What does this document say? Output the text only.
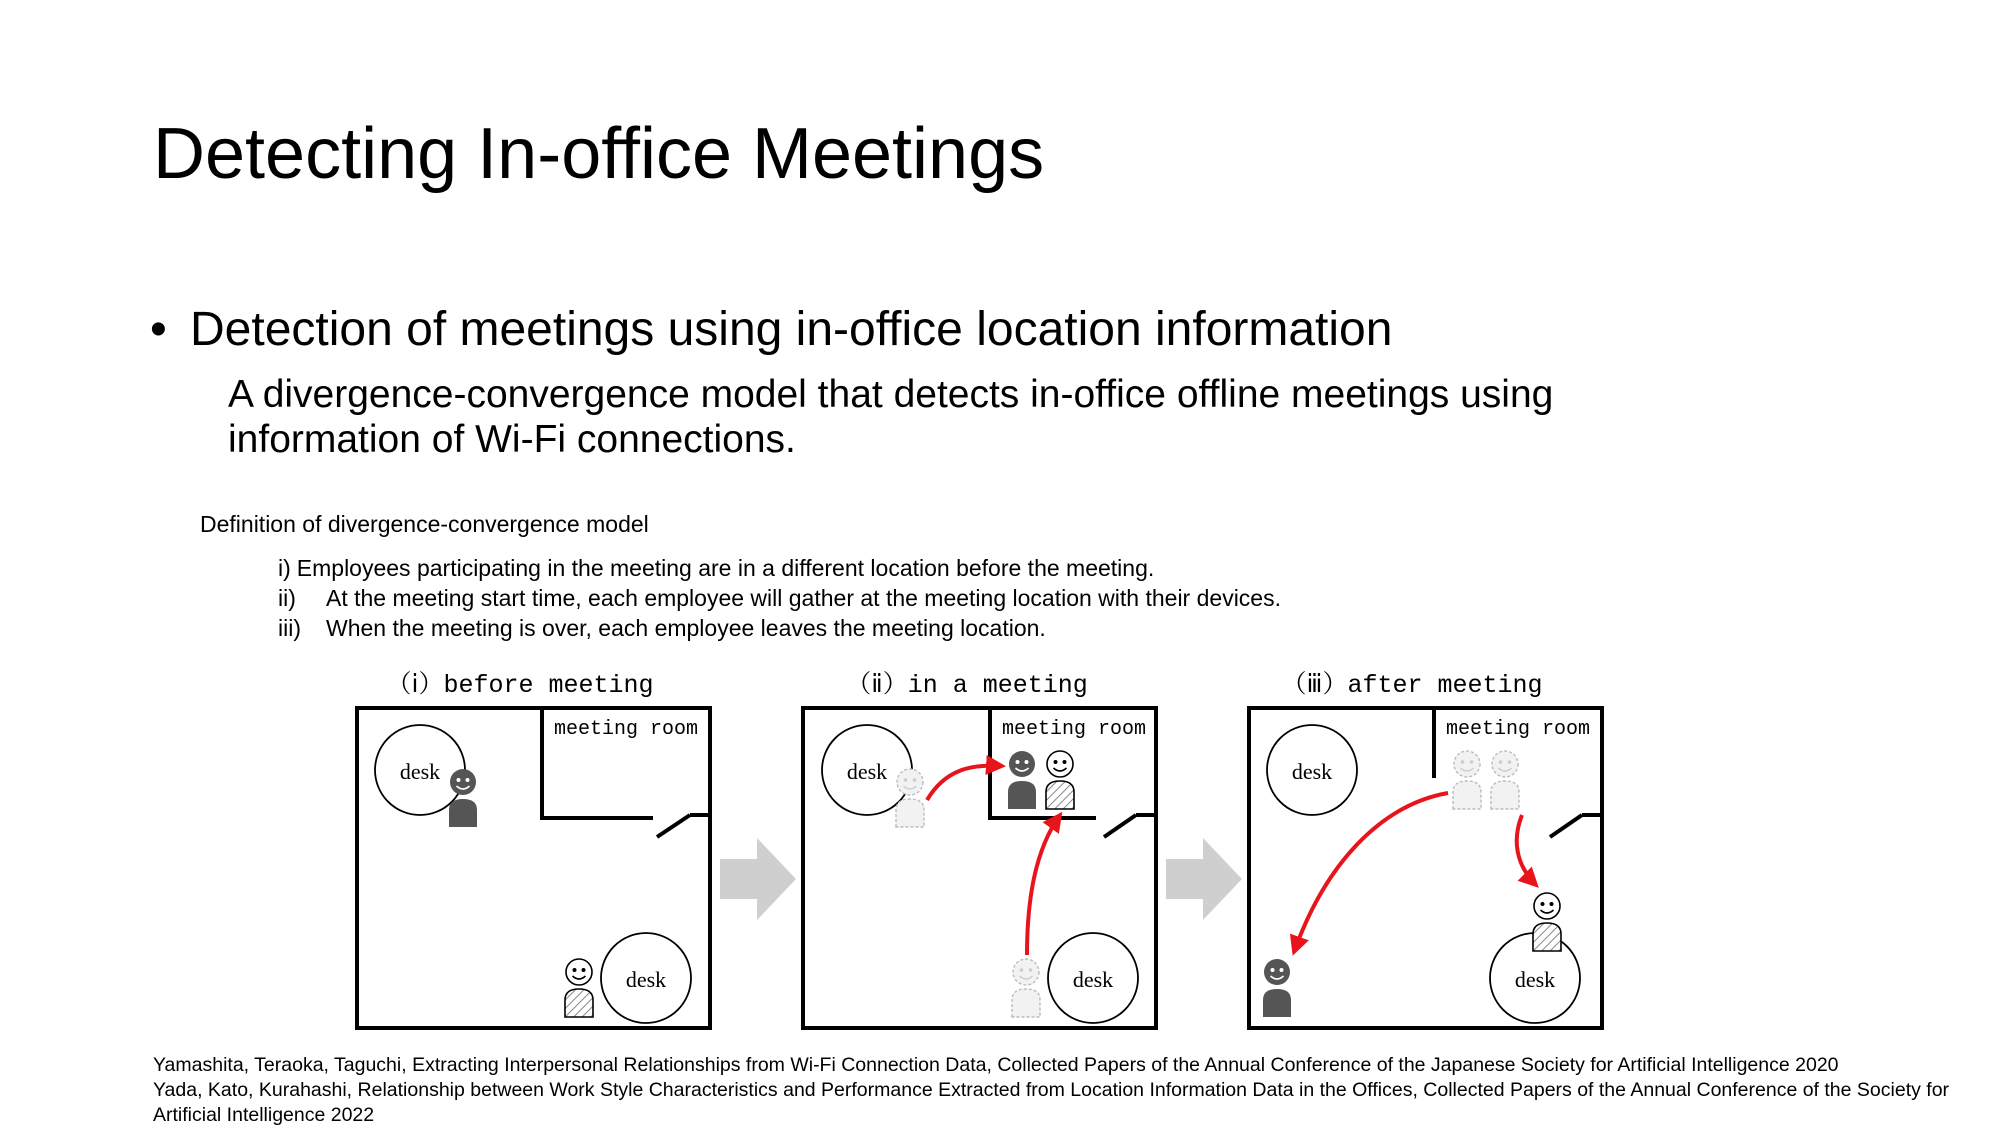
Detecting In-office Meetings
• Detection of meetings using in-office location information
A divergence-convergence model that detects in-office offline meetings using
information of Wi-Fi connections.
Definition of divergence-convergence model
i) Employees participating in the meeting are in a different location before the meeting.
ii) At the meeting start time, each employee will gather at the meeting location with their devices.
iii) When the meeting is over, each employee leaves the meeting location.
（ⅰ）before meeting
meeting room
desk
desk
（ⅱ）in a meeting
meeting room
desk
desk
（ⅲ）after meeting
meeting room
desk
desk
Yamashita, Teraoka, Taguchi, Extracting Interpersonal Relationships from Wi-Fi Connection Data, Collected Papers of the Annual Conference of the Japanese Society for Artificial Intelligence 2020
Yada, Kato, Kurahashi, Relationship between Work Style Characteristics and Performance Extracted from Location Information Data in the Offices, Collected Papers of the Annual Conference of the Society for Artificial Intelligence 2022
